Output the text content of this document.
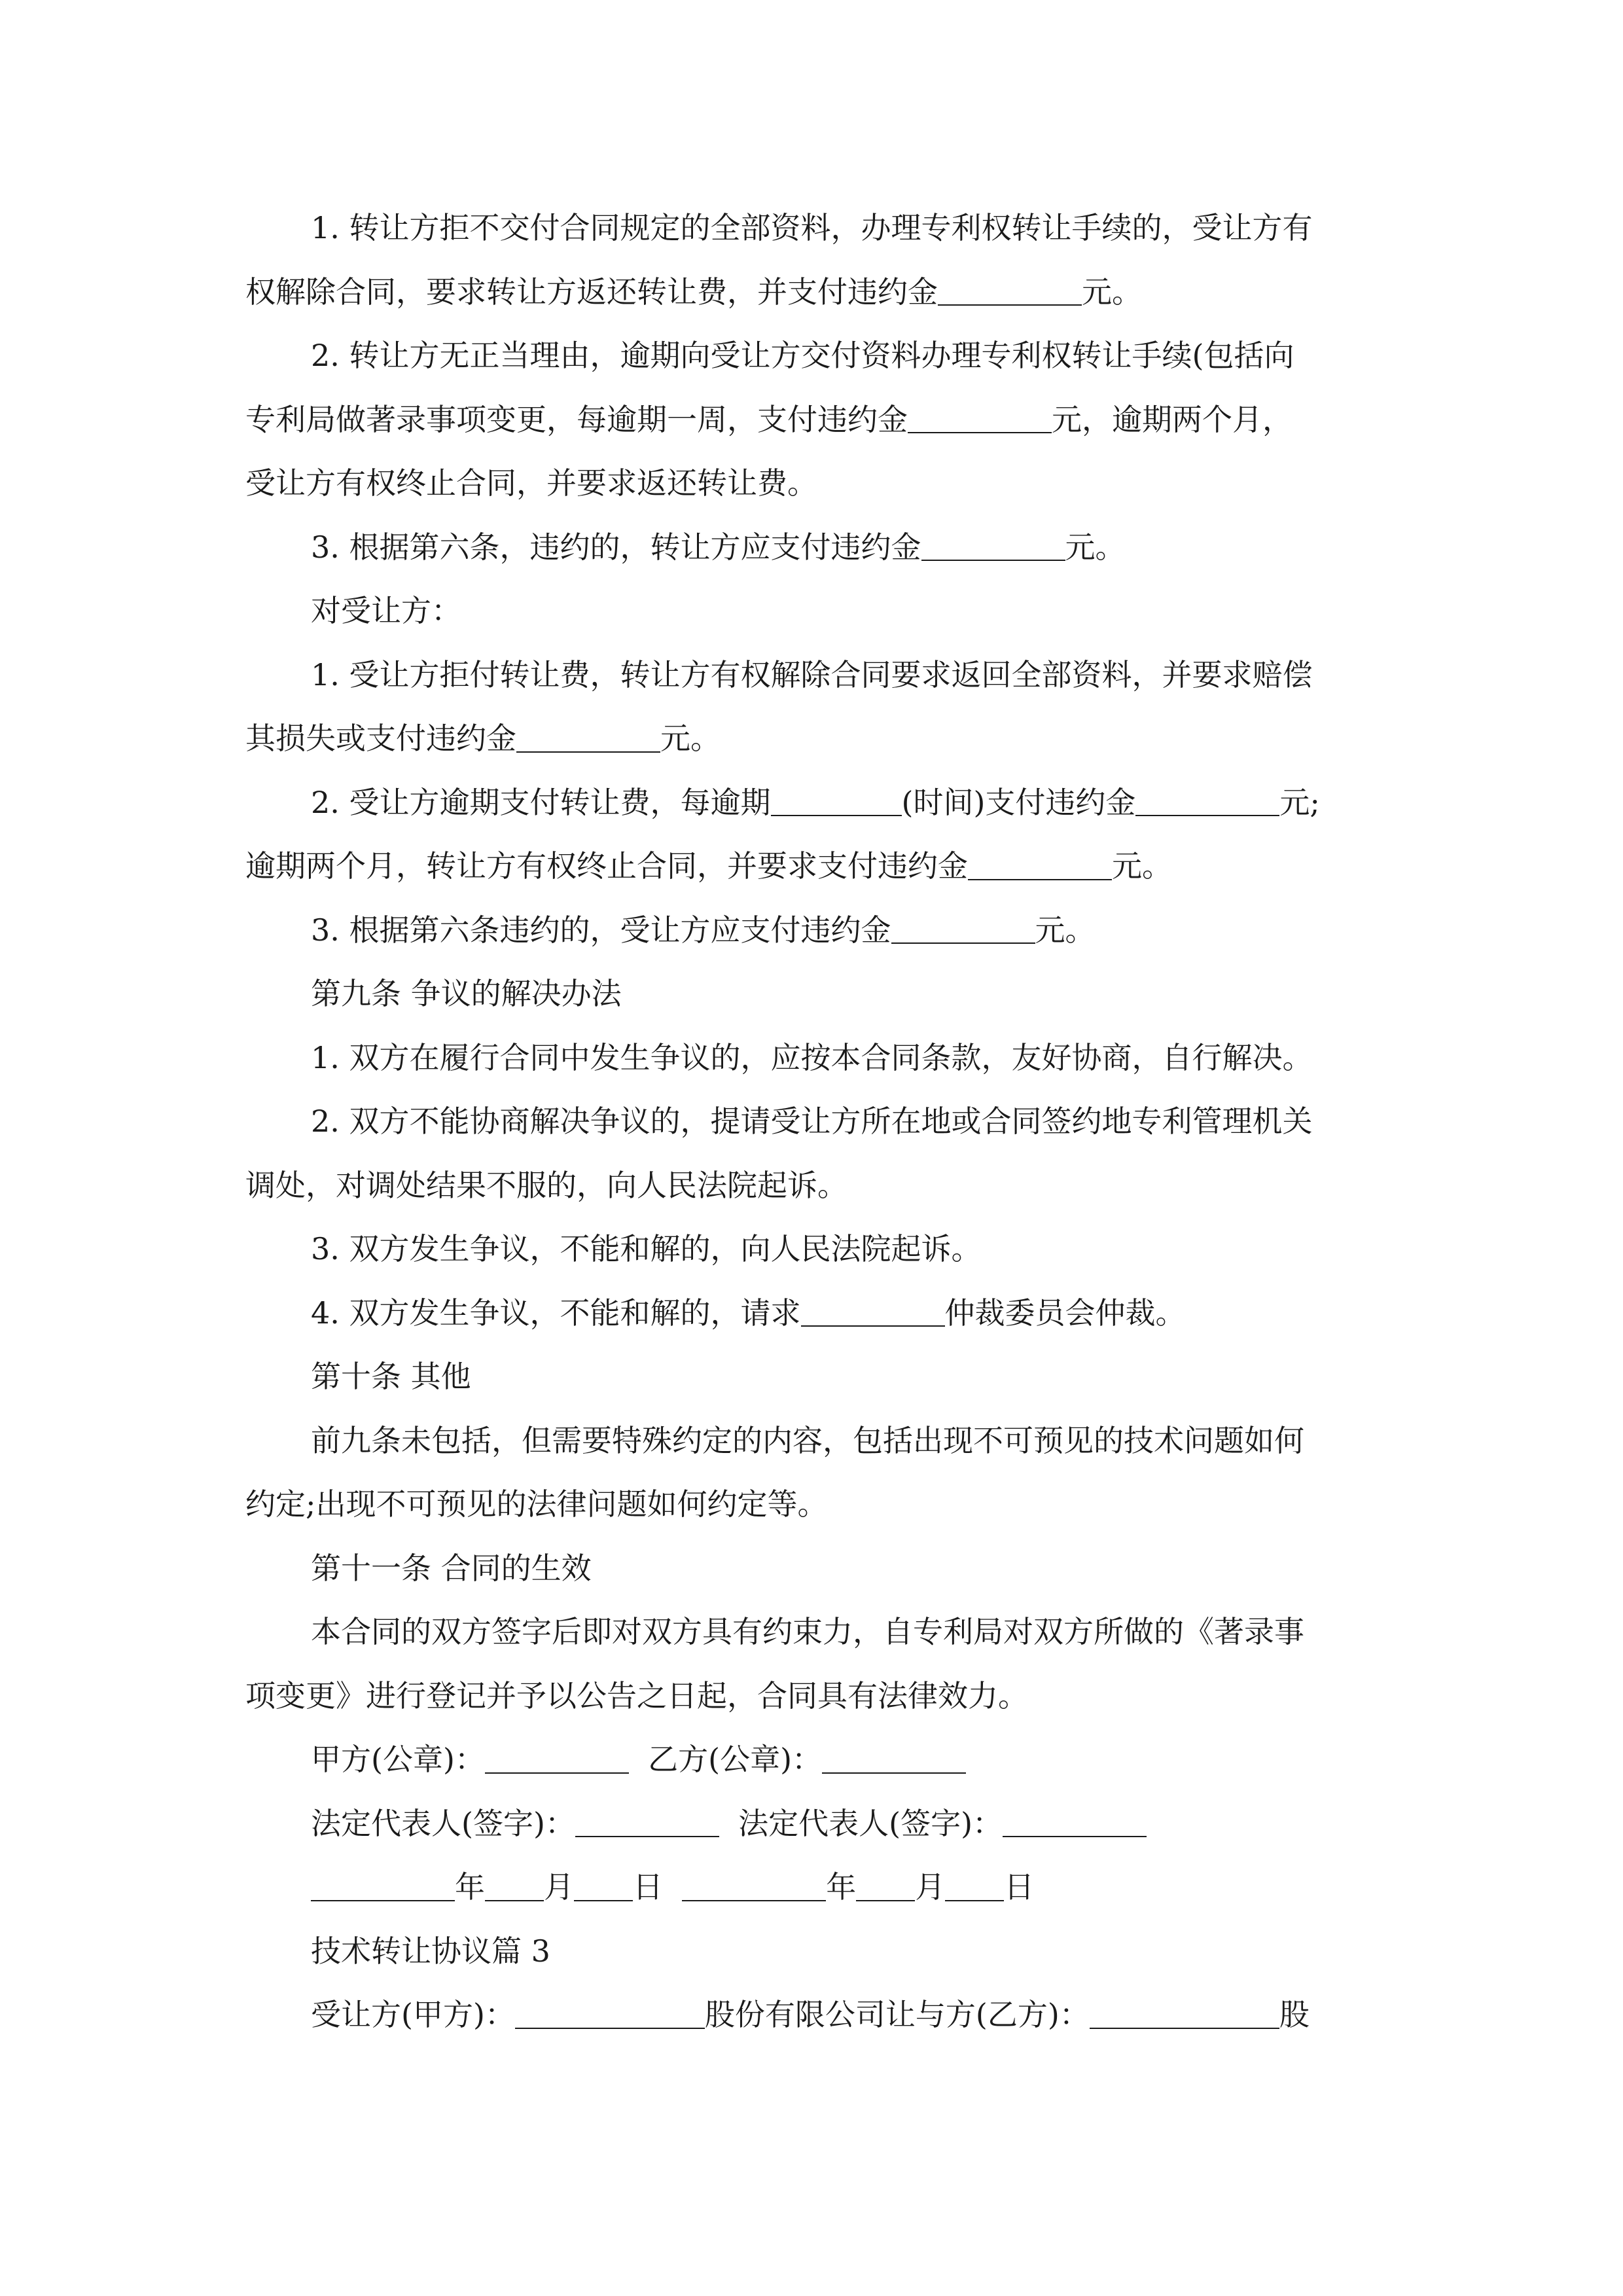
1. 转让方拒不交付合同规定的全部资料，办理专利权转让手续的，受让方有
权解除合同，要求转让方返还转让费，并支付违约金	元。
2. 转让方无正当理由，逾期向受让方交付资料办理专利权转让手续(包括向
专利局做著录事项变更，每逾期一周，支付违约金	元，逾期两个月，
受让方有权终止合同，并要求返还转让费。
3. 根据第六条，违约的，转让方应支付违约金	元。
对受让方：
1. 受让方拒付转让费，转让方有权解除合同要求返回全部资料，并要求赔偿
其损失或支付违约金	元。
2. 受让方逾期支付转让费，每逾期	(时间)支付违约金	元;
逾期两个月，转让方有权终止合同，并要求支付违约金	元。
3. 根据第六条违约的，受让方应支付违约金	元。
第九条 争议的解决办法
1. 双方在履行合同中发生争议的，应按本合同条款，友好协商，自行解决。
2. 双方不能协商解决争议的，提请受让方所在地或合同签约地专利管理机关
调处，对调处结果不服的，向人民法院起诉。
3. 双方发生争议，不能和解的，向人民法院起诉。
4. 双方发生争议，不能和解的，请求	仲裁委员会仲裁。
第十条 其他
前九条未包括，但需要特殊约定的内容，包括出现不可预见的技术问题如何
约定;出现不可预见的法律问题如何约定等。
第十一条 合同的生效
本合同的双方签字后即对双方具有约束力，自专利局对双方所做的《著录事
项变更》进行登记并予以公告之日起，合同具有法律效力。
甲方(公章)：	乙方(公章)：
法定代表人(签字)：	法定代表人(签字)：
年 月 日	年 月 日
技术转让协议篇 3
受让方(甲方)：	股份有限公司让与方(乙方)：	股
